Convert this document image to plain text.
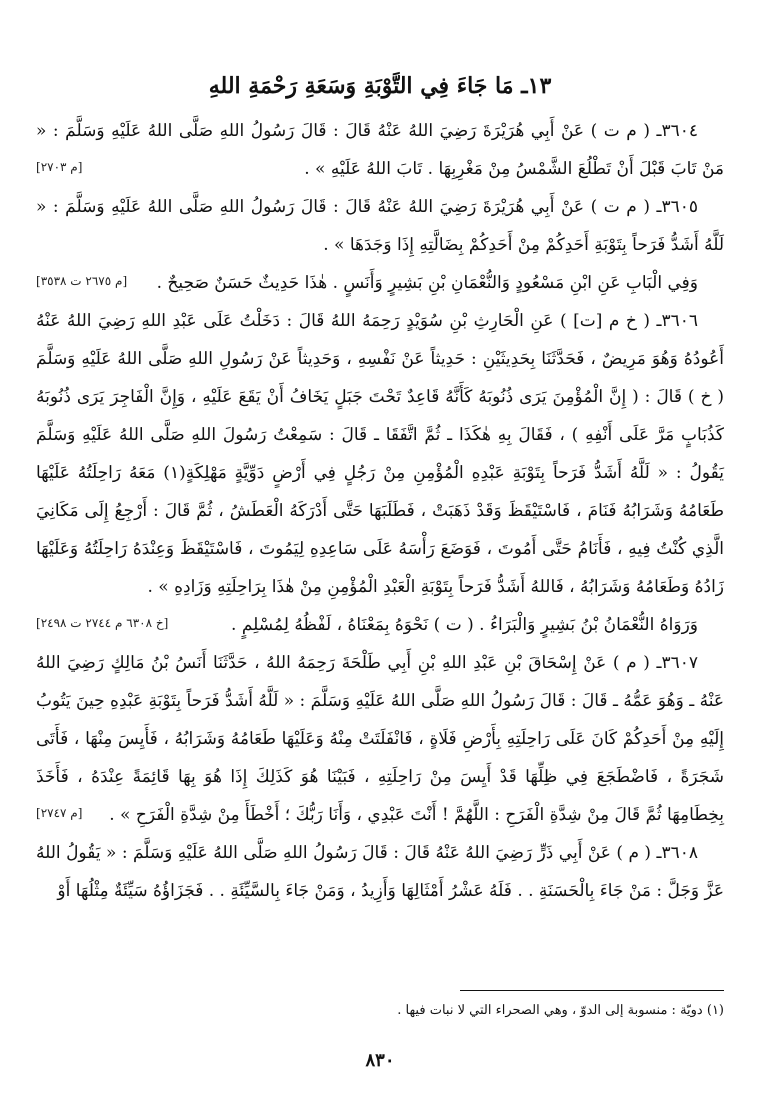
١٣ـ مَا جَاءَ فِي التَّوْبَةِ وَسَعَةِ رَحْمَةِ اللهِ

٣٦٠٤ـ ( م ت ) عَنْ أَبِي هُرَيْرَةَ رَضِيَ اللهُ عَنْهُ قَالَ : قَالَ رَسُولُ اللهِ صَلَّى اللهُ عَلَيْهِ وَسَلَّمَ : « مَنْ تَابَ قَبْلَ أَنْ تَطْلُعَ الشَّمْسُ مِنْ مَغْرِبِهَا . تَابَ اللهُ عَلَيْهِ » .

[م ٢٧٠٣]

٣٦٠٥ـ ( م ت ) عَنْ أَبِي هُرَيْرَةَ رَضِيَ اللهُ عَنْهُ قَالَ : قَالَ رَسُولُ اللهِ صَلَّى اللهُ عَلَيْهِ وَسَلَّمَ : « لَلَّهُ أَشَدُّ فَرَحاً بِتَوْبَةِ أَحَدِكُمْ مِنْ أَحَدِكُمْ بِضَالَّتِهِ إِذَا وَجَدَهَا » .

وَفِي الْبَابِ عَنِ ابْنِ مَسْعُودٍ وَالنُّعْمَانِ بْنِ بَشِيرٍ وَأَنَسٍ . هٰذَا حَدِيثٌ حَسَنٌ صَحِيحٌ .

[م ٢٦٧٥ ت ٣٥٣٨]

٣٦٠٦ـ ( خ م [ت] ) عَنِ الْحَارِثِ بْنِ سُوَيْدٍ رَحِمَهُ اللهُ قَالَ : دَخَلْتُ عَلَى عَبْدِ اللهِ رَضِيَ اللهُ عَنْهُ أَعُودُهُ وَهُوَ مَرِيضٌ ، فَحَدَّثَنَا بِحَدِيثَيْنِ : حَدِيثاً عَنْ نَفْسِهِ ، وَحَدِيثاً عَنْ رَسُولِ اللهِ صَلَّى اللهُ عَلَيْهِ وَسَلَّمَ ( خ ) قَالَ : ( إِنَّ الْمُؤْمِنَ يَرَى ذُنُوبَهُ كَأَنَّهُ قَاعِدٌ تَحْتَ جَبَلٍ يَخَافُ أَنْ يَقَعَ عَلَيْهِ ، وَإِنَّ الْفَاجِرَ يَرَى ذُنُوبَهُ كَذُبَابٍ مَرَّ عَلَى أَنْفِهِ ) ، فَقَالَ بِهِ هٰكَذَا ـ ثُمَّ اتَّفَقَا ـ قَالَ : سَمِعْتُ رَسُولَ اللهِ صَلَّى اللهُ عَلَيْهِ وَسَلَّمَ يَقُولُ : « لَلَّهُ أَشَدُّ فَرَحاً بِتَوْبَةِ عَبْدِهِ الْمُؤْمِنِ مِنْ رَجُلٍ فِي أَرْضٍ دَوِّيَّةٍ مَهْلِكَةٍ(١) مَعَهُ رَاحِلَتُهُ عَلَيْهَا طَعَامُهُ وَشَرَابُهُ فَنَامَ ، فَاسْتَيْقَظَ وَقَدْ ذَهَبَتْ ، فَطَلَبَهَا حَتَّى أَدْرَكَهُ الْعَطَشُ ، ثُمَّ قَالَ : أَرْجِعُ إِلَى مَكَانِيَ الَّذِي كُنْتُ فِيهِ ، فَأَنَامُ حَتَّى أَمُوتَ ، فَوَضَعَ رَأْسَهُ عَلَى سَاعِدِهِ لِيَمُوتَ ، فَاسْتَيْقَظَ وَعِنْدَهُ رَاحِلَتُهُ وَعَلَيْهَا زَادُهُ وَطَعَامُهُ وَشَرَابُهُ ، فَاللهُ أَشَدُّ فَرَحاً بِتَوْبَةِ الْعَبْدِ الْمُؤْمِنِ مِنْ هٰذَا بِرَاحِلَتِهِ وَزَادِهِ » .

وَرَوَاهُ النُّعْمَانُ بْنُ بَشِيرٍ وَالْبَرَاءُ . ( ت ) نَحْوَهُ بِمَعْنَاهُ ، لَفْظُهُ لِمُسْلِمٍ .

[خ ٦٣٠٨ م ٢٧٤٤ ت ٢٤٩٨]

٣٦٠٧ـ ( م ) عَنْ إِسْحَاقَ بْنِ عَبْدِ اللهِ بْنِ أَبِي طَلْحَةَ رَحِمَهُ اللهُ ، حَدَّثَنَا أَنَسُ بْنُ مَالِكٍ رَضِيَ اللهُ عَنْهُ ـ وَهُوَ عَمُّهُ ـ قَالَ : قَالَ رَسُولُ اللهِ صَلَّى اللهُ عَلَيْهِ وَسَلَّمَ : « لَلَّهُ أَشَدُّ فَرَحاً بِتَوْبَةِ عَبْدِهِ حِينَ يَتُوبُ إِلَيْهِ مِنْ أَحَدِكُمْ كَانَ عَلَى رَاحِلَتِهِ بِأَرْضِ فَلَاةٍ ، فَانْفَلَتَتْ مِنْهُ وَعَلَيْهَا طَعَامُهُ وَشَرَابُهُ ، فَأَيِسَ مِنْهَا ، فَأَتَى شَجَرَةً ، فَاضْطَجَعَ فِي ظِلِّهَا قَدْ أَيِسَ مِنْ رَاحِلَتِهِ ، فَبَيْنَا هُوَ كَذَلِكَ إِذَا هُوَ بِهَا قَائِمَةً عِنْدَهُ ، فَأَخَذَ بِخِطَامِهَا ثُمَّ قَالَ مِنْ شِدَّةِ الْفَرَحِ : اللَّهُمَّ ! أَنْتَ عَبْدِي ، وَأَنَا رَبُّكَ ؛ أَخْطَأَ مِنْ شِدَّةِ الْفَرَحِ » .

[م ٢٧٤٧]

٣٦٠٨ـ ( م ) عَنْ أَبِي ذَرٍّ رَضِيَ اللهُ عَنْهُ قَالَ : قَالَ رَسُولُ اللهِ صَلَّى اللهُ عَلَيْهِ وَسَلَّمَ : « يَقُولُ اللهُ عَزَّ وَجَلَّ : مَنْ جَاءَ بِالْحَسَنَةِ . . فَلَهُ عَشْرُ أَمْثَالِهَا وَأَزِيدُ ، وَمَنْ جَاءَ بِالسَّيِّئَةِ . . فَجَزَاؤُهُ سَيِّئَةٌ مِثْلُهَا أَوْ

(١) دويّة : منسوبة إلى الدوّ ، وهي الصحراء التي لا نبات فيها .
٨٣٠
